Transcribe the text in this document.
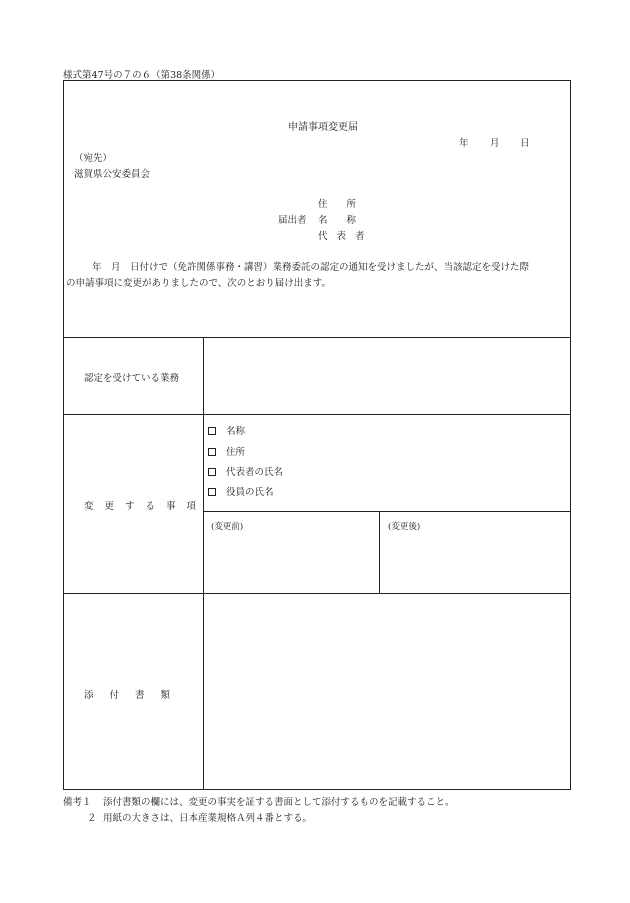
様式第47号の７の６（第38条関係）
申請事項変更届
年 月 日
（宛先）
滋賀県公安委員会
住　　所
届出者 名　　称
代 表 者
年　月　日付けで（免許関係事務・講習）業務委託の認定の通知を受けましたが、当該認定を受けた際
の申請事項に変更がありましたので、次のとおり届け出ます。
認定を受けている業務
変更する事項
名称
住所
代表者の氏名
役員の氏名
(変更前)	(変更後)
添付書類
備考１ 添付書類の欄には、変更の事実を証する書面として添付するものを記載すること。
２ 用紙の大きさは、日本産業規格Ａ列４番とする。
